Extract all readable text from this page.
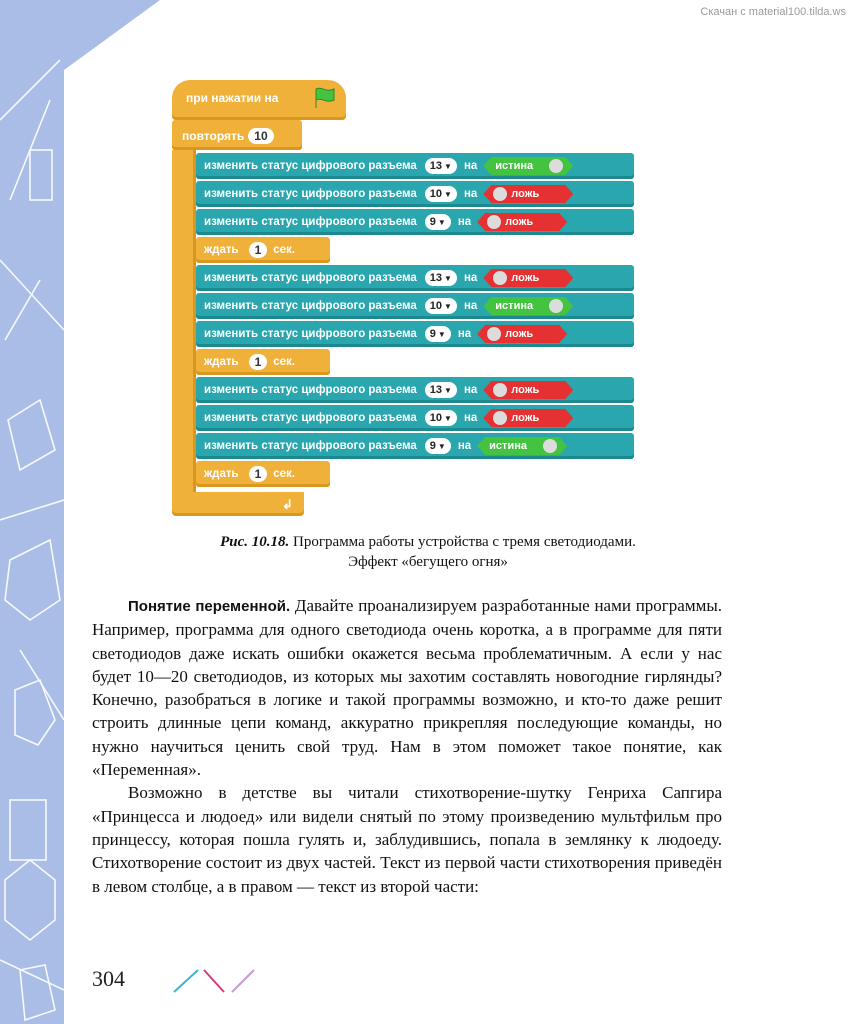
Скачан с material100.tilda.ws
при нажатии на
повторять 10
↲
изменить статус цифрового разъема 13 ▼ на истина
изменить статус цифрового разъема 10 ▼ на	ложь
изменить статус цифрового разъема 9 ▼ на	ложь
ждать	1	сек.
изменить статус цифрового разъема 13 ▼ на	ложь
изменить статус цифрового разъема 10 ▼ на истина
изменить статус цифрового разъема 9 ▼ на	ложь
ждать	1	сек.
изменить статус цифрового разъема 13 ▼ на	ложь
изменить статус цифрового разъема 10 ▼ на	ложь
изменить статус цифрового разъема 9 ▼ на истина
ждать	1	сек.
Рис. 10.18. Программа работы устройства с тремя светодиодами.
Эффект «бегущего огня»

Понятие переменной. Давайте проанализируем разработанные нами программы. Например, программа для одного светодиода очень коротка, а в программе для пяти светодиодов даже искать ошибки окажется весьма проблематичным. А если у нас будет 10—20 светодиодов, из которых мы захотим составлять новогодние гирлянды? Конечно, разобраться в логике и такой программы возможно, и кто-то даже решит строить длинные цепи команд, аккуратно прикрепляя последующие команды, но нужно научиться ценить свой труд. Нам в этом поможет такое понятие, как «Переменная».

Возможно в детстве вы читали стихотворение-шутку Генриха Сапгира «Принцесса и людоед» или видели снятый по этому произведению мультфильм про принцессу, которая пошла гулять и, заблудившись, попала в землянку к людоеду. Стихотворение состоит из двух частей. Текст из первой части стихотворения приведён в левом столбце, а в правом — текст из второй части:

304
